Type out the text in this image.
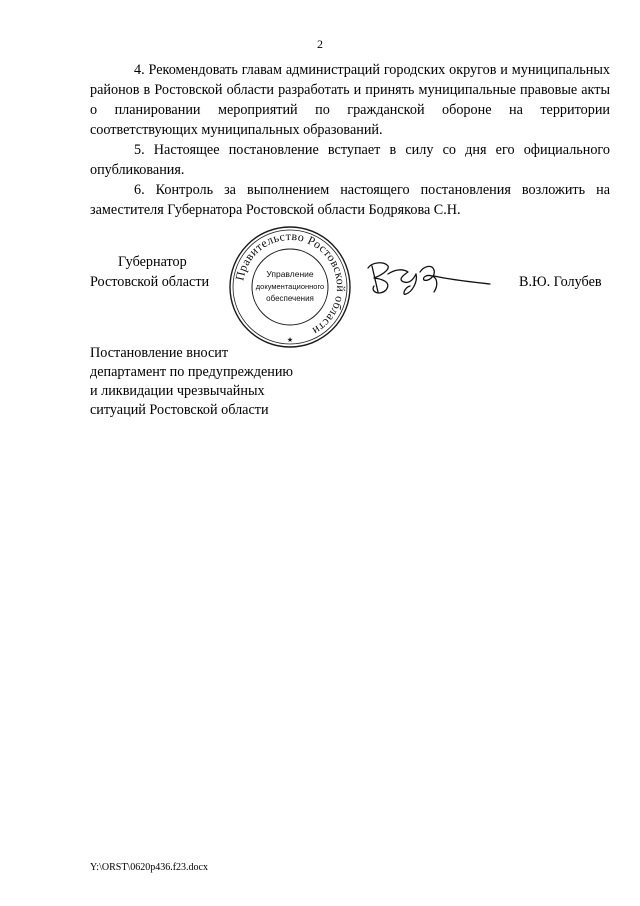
2

4. Рекомендовать главам администраций городских округов и муниципальных районов в Ростовской области разработать и принять муниципальные правовые акты о планировании мероприятий по гражданской обороне на территории соответствующих муниципальных образований.

5. Настоящее постановление вступает в силу со дня его официального опубликования.

6. Контроль за выполнением настоящего постановления возложить на заместителя Губернатора Ростовской области Бодрякова С.Н.

Губернатор
Ростовской области	Правительство Ростовской области
Управление
документационного
обеспечения
★
В.Ю. Голубев
Постановление вносит
департамент по предупреждению
и ликвидации чрезвычайных
ситуаций Ростовской области
Y:\ORST\0620p436.f23.docx
